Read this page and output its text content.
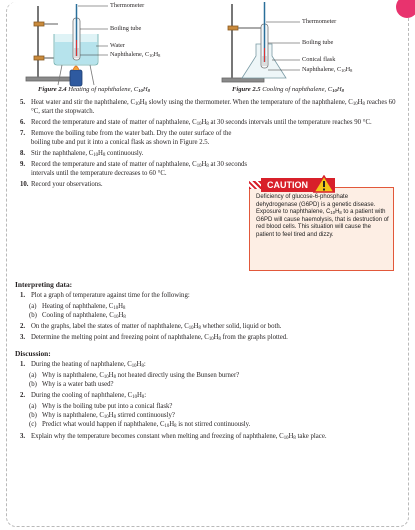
Thermometer
Boiling tube
Water
Naphthalene, $C_{10}H_8$
Thermometer
Boiling tube
Conical flask
Naphthalene, $C_{10}H_8$
Figure 2.4 Heating of naphthalene, $C_{10}H_8$	Figure 2.5 Cooling of naphthalene, $C_{10}H_8$
5. Heat water and stir the naphthalene, $C_{10}H_8$ slowly using the thermometer. When the temperature of the naphthalene, $C_{10}H_8$ reaches 60 °C, start the stopwatch.
6. Record the temperature and state of matter of naphthalene, $C_{10}H_8$ at 30 seconds intervals until the temperature reaches 90 °C.
7. Remove the boiling tube from the water bath. Dry the outer surface of the boiling tube and put it into a conical flask as shown in Figure 2.5.
8. Stir the naphthalene, $C_{10}H_8$ continuously.
9. Record the temperature and state of matter of naphthalene, $C_{10}H_8$ at 30 seconds intervals until the temperature decreases to 60 °C.
10. Record your observations.
Deficiency of glucose-6-phosphate dehydrogenase (G6PD) is a genetic disease. Exposure to naphthalene, $C_{10}H_8$ to a patient with G6PD will cause haemolysis, that is destruction of red blood cells. This situation will cause the patient to feel tired and dizzy.
CAUTION
Interpreting data:
1. Plot a graph of temperature against time for the following:
(a) Heating of naphthalene, $C_{10}H_8$
(b) Cooling of naphthalene, $C_{10}H_8$
2. On the graphs, label the states of matter of naphthalene, $C_{10}H_8$ whether solid, liquid or both.
3. Determine the melting point and freezing point of naphthalene, $C_{10}H_8$ from the graphs plotted.
Discussion:
1. During the heating of naphthalene, $C_{10}H_8$:
(a) Why is naphthalene, $C_{10}H_8$ not heated directly using the Bunsen burner?
(b) Why is a water bath used?
2. During the cooling of naphthalene, $C_{10}H_8$:
(a) Why is the boiling tube put into a conical flask?
(b) Why is naphthalene, $C_{10}H_8$ stirred continuously?
(c) Predict what would happen if naphthalene, $C_{10}H_8$ is not stirred continuously.
3. Explain why the temperature becomes constant when melting and freezing of naphthalene, $C_{10}H_8$ take place.
